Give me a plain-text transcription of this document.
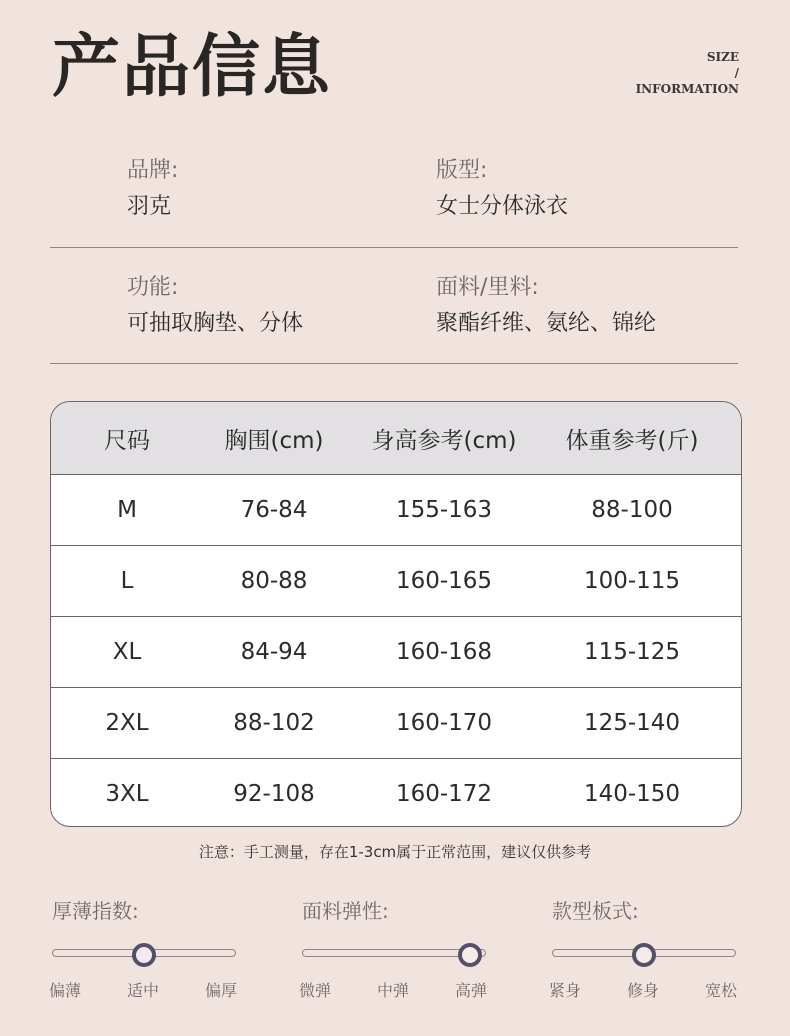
产品信息	SIZE
/
INFORMATION
品牌:
羽克
版型:
女士分体泳衣
功能:
可抽取胸垫、分体
面料/里料:
聚酯纤维、氨纶、锦纶
尺码	胸围(cm)	身高参考(cm)	体重参考(斤)
M	76-84	155-163	88-100
L	80-88	160-165	100-115
XL	84-94	160-168	115-125
2XL	88-102	160-170	125-140
3XL	92-108	160-172	140-150
注意：手工测量，存在1-3cm属于正常范围，建议仅供参考
厚薄指数:
偏薄	适中	偏厚
面料弹性:
微弹	中弹	高弹
款型板式:
紧身	修身	宽松
